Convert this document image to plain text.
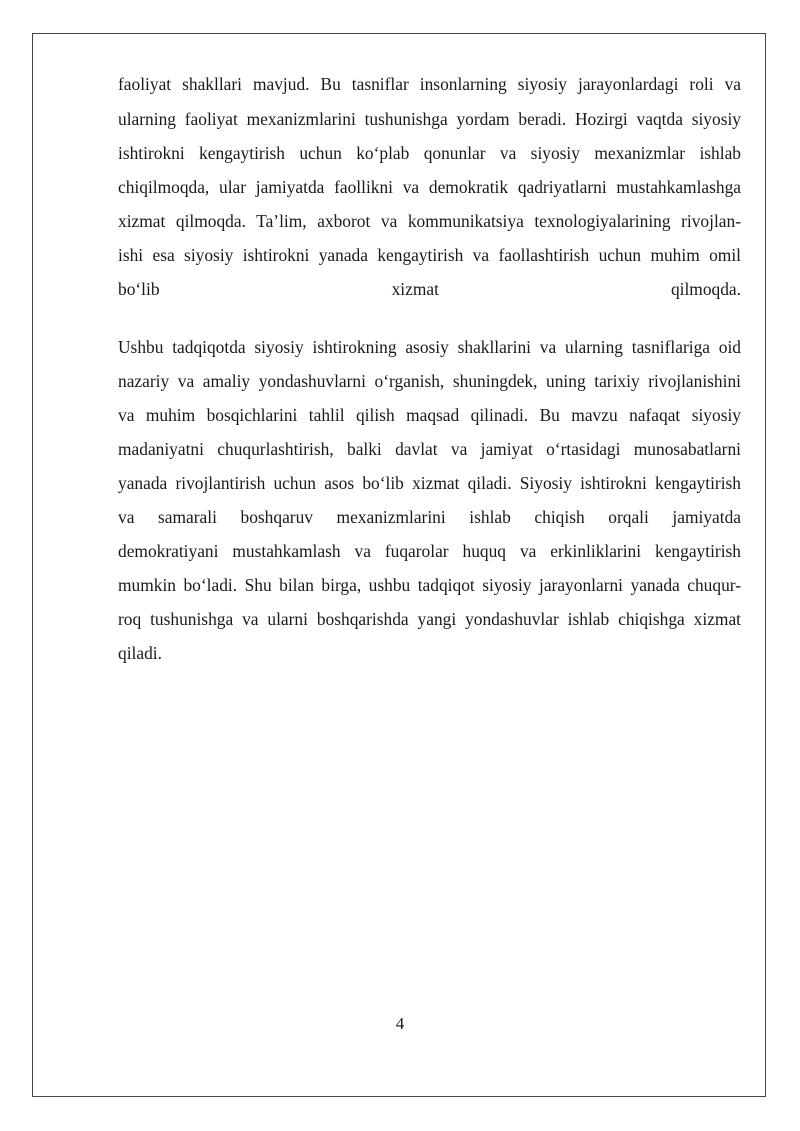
faoliyat shakllari mavjud. Bu tasniflar insonlarning siyosiy jarayonlardagi roli va
ularning faoliyat mexanizmlarini tushunishga yordam beradi. Hozirgi vaqtda siyosiy
ishtirokni kengaytirish uchun ko‘plab qonunlar va siyosiy mexanizmlar ishlab
chiqilmoqda, ular jamiyatda faollikni va demokratik qadriyatlarni mustahkamlashga
xizmat qilmoqda. Ta’lim, axborot va kommunikatsiya texnologiyalarining rivojlan-
ishi esa siyosiy ishtirokni yanada kengaytirish va faollashtirish uchun muhim omil
bo‘lib xizmat qilmoqda.
Ushbu tadqiqotda siyosiy ishtirokning asosiy shakllarini va ularning tasniflariga oid
nazariy va amaliy yondashuvlarni o‘rganish, shuningdek, uning tarixiy rivojlanishini
va muhim bosqichlarini tahlil qilish maqsad qilinadi. Bu mavzu nafaqat siyosiy
madaniyatni chuqurlashtirish, balki davlat va jamiyat o‘rtasidagi munosabatlarni
yanada rivojlantirish uchun asos bo‘lib xizmat qiladi. Siyosiy ishtirokni kengaytirish
va samarali boshqaruv mexanizmlarini ishlab chiqish orqali jamiyatda
demokratiyani mustahkamlash va fuqarolar huquq va erkinliklarini kengaytirish
mumkin bo‘ladi. Shu bilan birga, ushbu tadqiqot siyosiy jarayonlarni yanada chuqur-
roq tushunishga va ularni boshqarishda yangi yondashuvlar ishlab chiqishga xizmat
qiladi.
4
